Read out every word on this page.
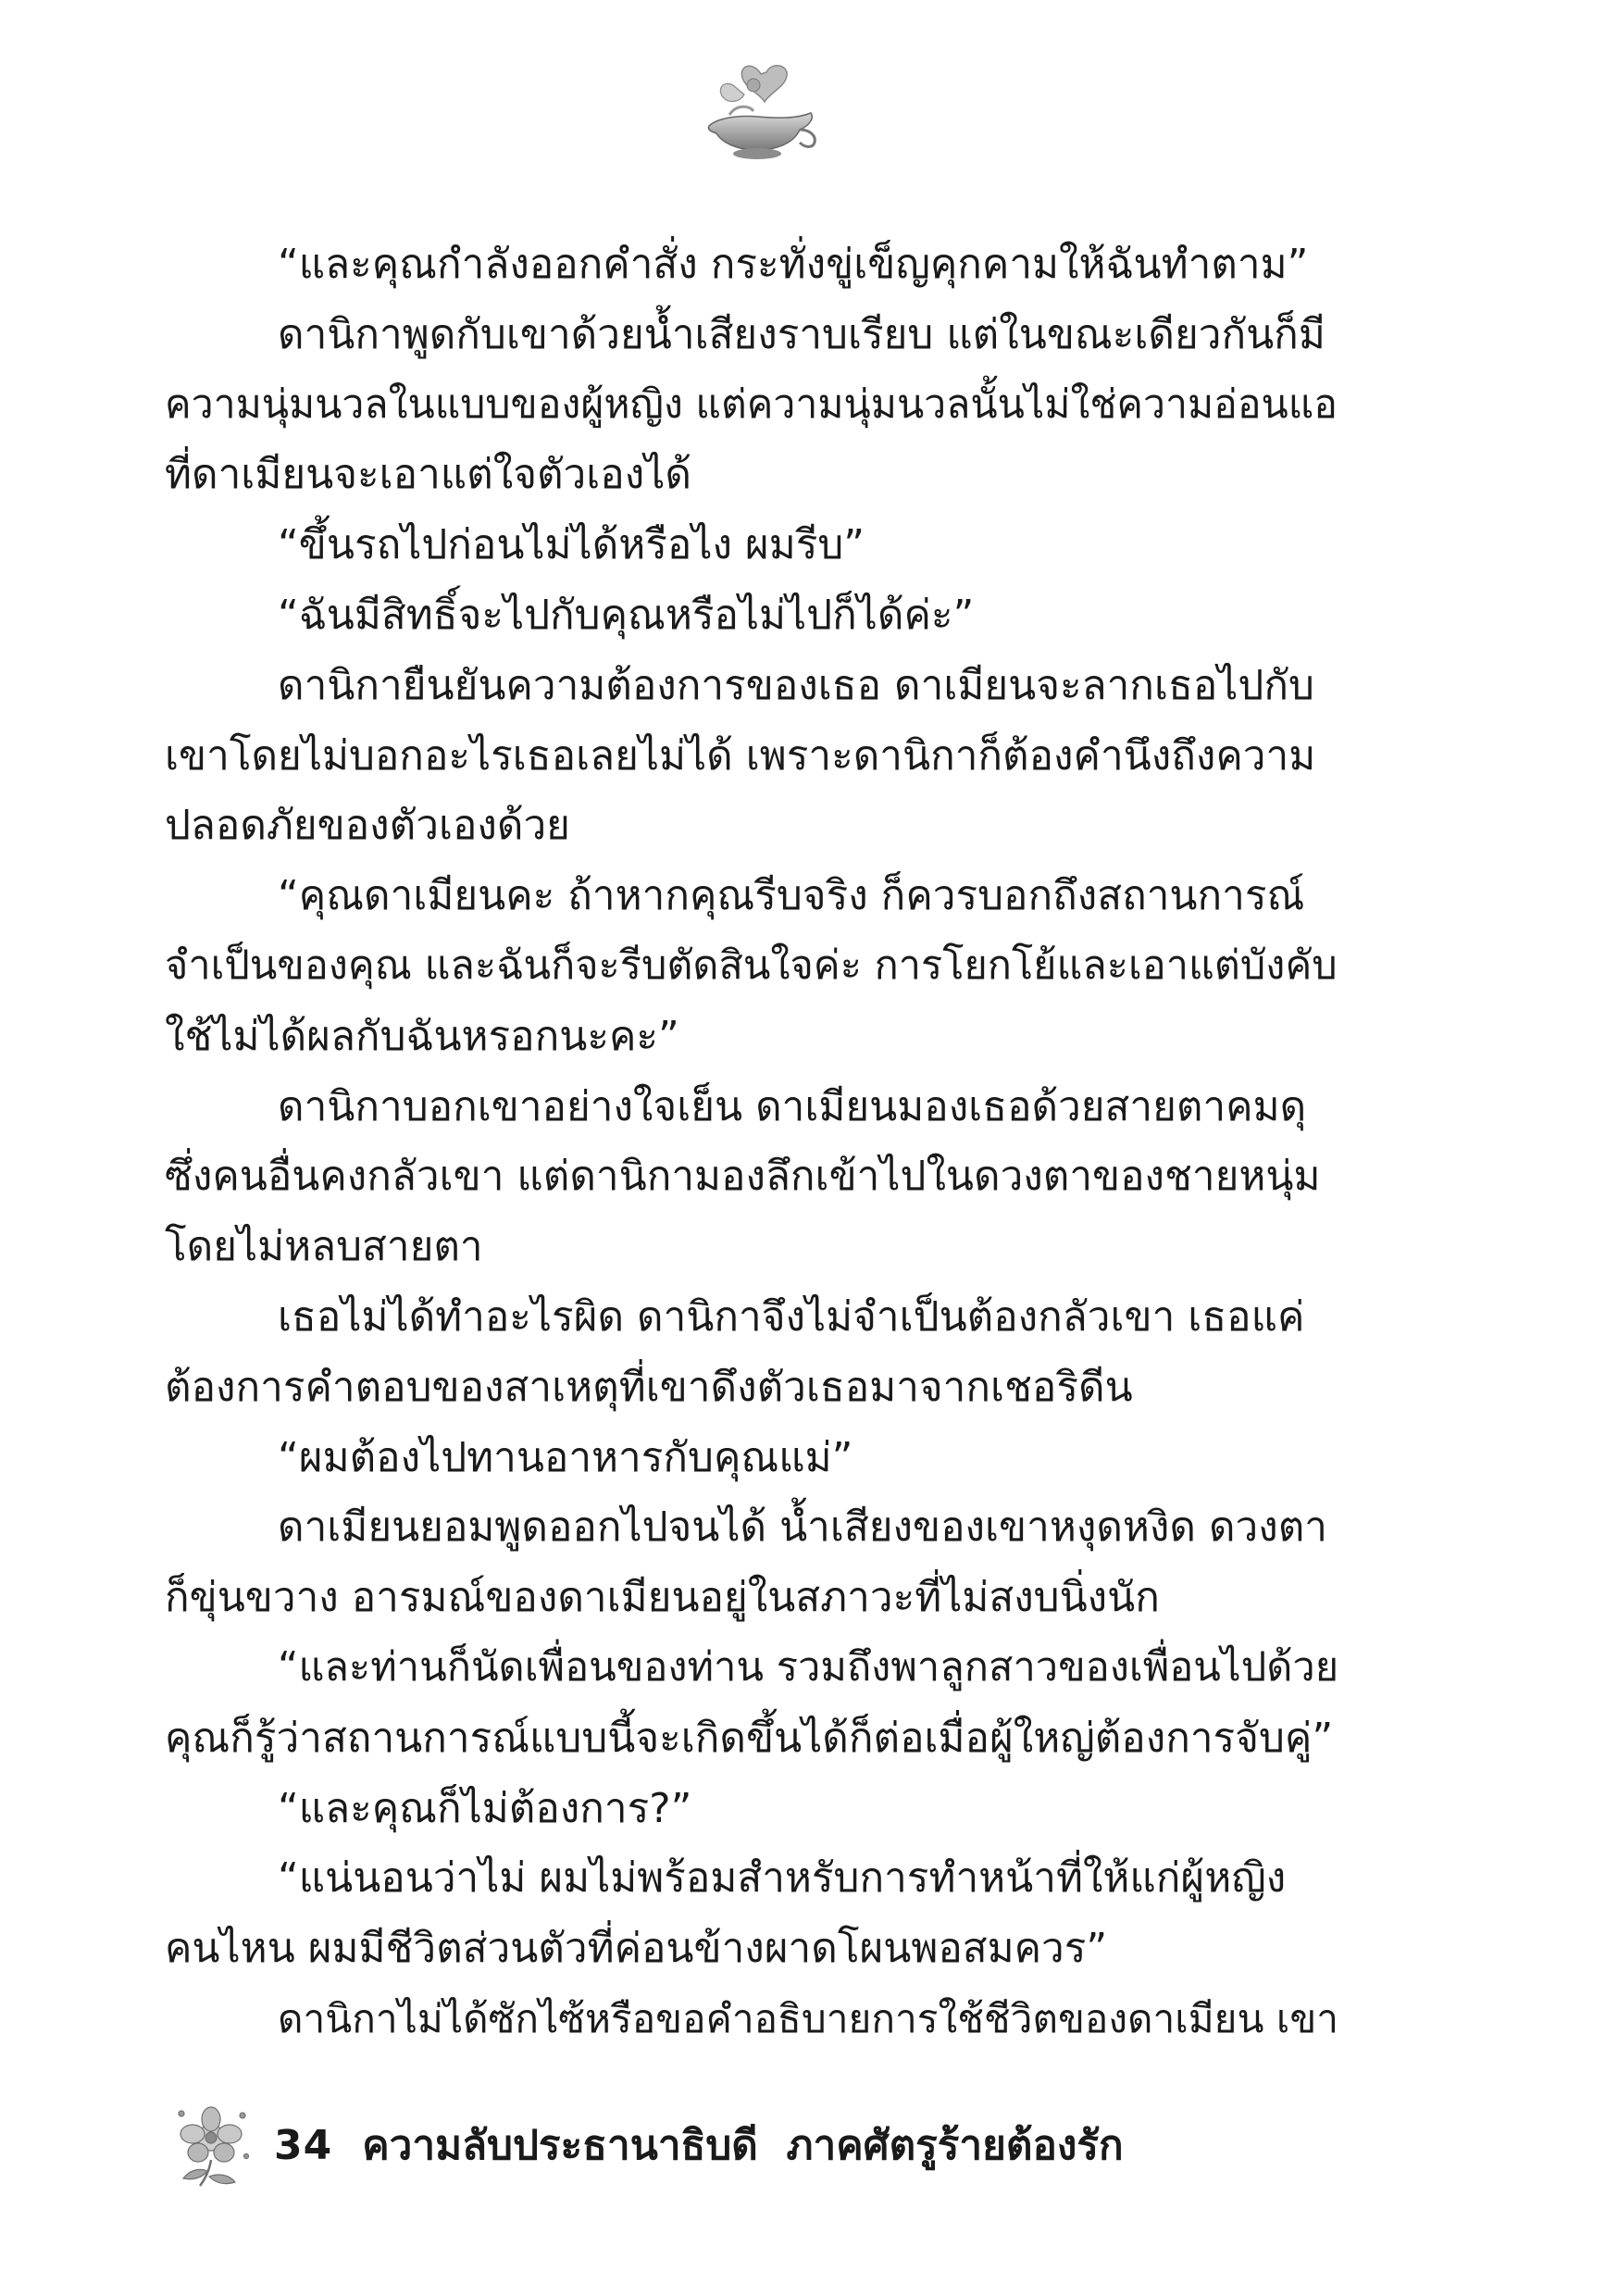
“และคุณกำลังออกคำสั่ง กระทั่งขู่เข็ญคุกคามให้ฉันทำตาม”
ดานิกาพูดกับเขาด้วยน้ำเสียงราบเรียบ แต่ในขณะเดียวกันก็มี
ความนุ่มนวลในแบบของผู้หญิง แต่ความนุ่มนวลนั้นไม่ใช่ความอ่อนแอ
ที่ดาเมียนจะเอาแต่ใจตัวเองได้
“ขึ้นรถไปก่อนไม่ได้หรือไง ผมรีบ”
“ฉันมีสิทธิ์จะไปกับคุณหรือไม่ไปก็ได้ค่ะ”
ดานิกายืนยันความต้องการของเธอ ดาเมียนจะลากเธอไปกับ
เขาโดยไม่บอกอะไรเธอเลยไม่ได้ เพราะดานิกาก็ต้องคำนึงถึงความ
ปลอดภัยของตัวเองด้วย
“คุณดาเมียนคะ ถ้าหากคุณรีบจริง ก็ควรบอกถึงสถานการณ์
จำเป็นของคุณ และฉันก็จะรีบตัดสินใจค่ะ การโยกโย้และเอาแต่บังคับ
ใช้ไม่ได้ผลกับฉันหรอกนะคะ”
ดานิกาบอกเขาอย่างใจเย็น ดาเมียนมองเธอด้วยสายตาคมดุ
ซึ่งคนอื่นคงกลัวเขา แต่ดานิกามองลึกเข้าไปในดวงตาของชายหนุ่ม
โดยไม่หลบสายตา
เธอไม่ได้ทำอะไรผิด ดานิกาจึงไม่จำเป็นต้องกลัวเขา เธอแค่
ต้องการคำตอบของสาเหตุที่เขาดึงตัวเธอมาจากเชอริดีน
“ผมต้องไปทานอาหารกับคุณแม่”
ดาเมียนยอมพูดออกไปจนได้ น้ำเสียงของเขาหงุดหงิด ดวงตา
ก็ขุ่นขวาง อารมณ์ของดาเมียนอยู่ในสภาวะที่ไม่สงบนิ่งนัก
“และท่านก็นัดเพื่อนของท่าน รวมถึงพาลูกสาวของเพื่อนไปด้วย
คุณก็รู้ว่าสถานการณ์แบบนี้จะเกิดขึ้นได้ก็ต่อเมื่อผู้ใหญ่ต้องการจับคู่”
“และคุณก็ไม่ต้องการ?”
“แน่นอนว่าไม่ ผมไม่พร้อมสำหรับการทำหน้าที่ให้แก่ผู้หญิง
คนไหน ผมมีชีวิตส่วนตัวที่ค่อนข้างผาดโผนพอสมควร”
ดานิกาไม่ได้ซักไซ้หรือขอคำอธิบายการใช้ชีวิตของดาเมียน เขา
34 ความลับประธานาธิบดี  ภาคศัตรูร้ายต้องรัก
